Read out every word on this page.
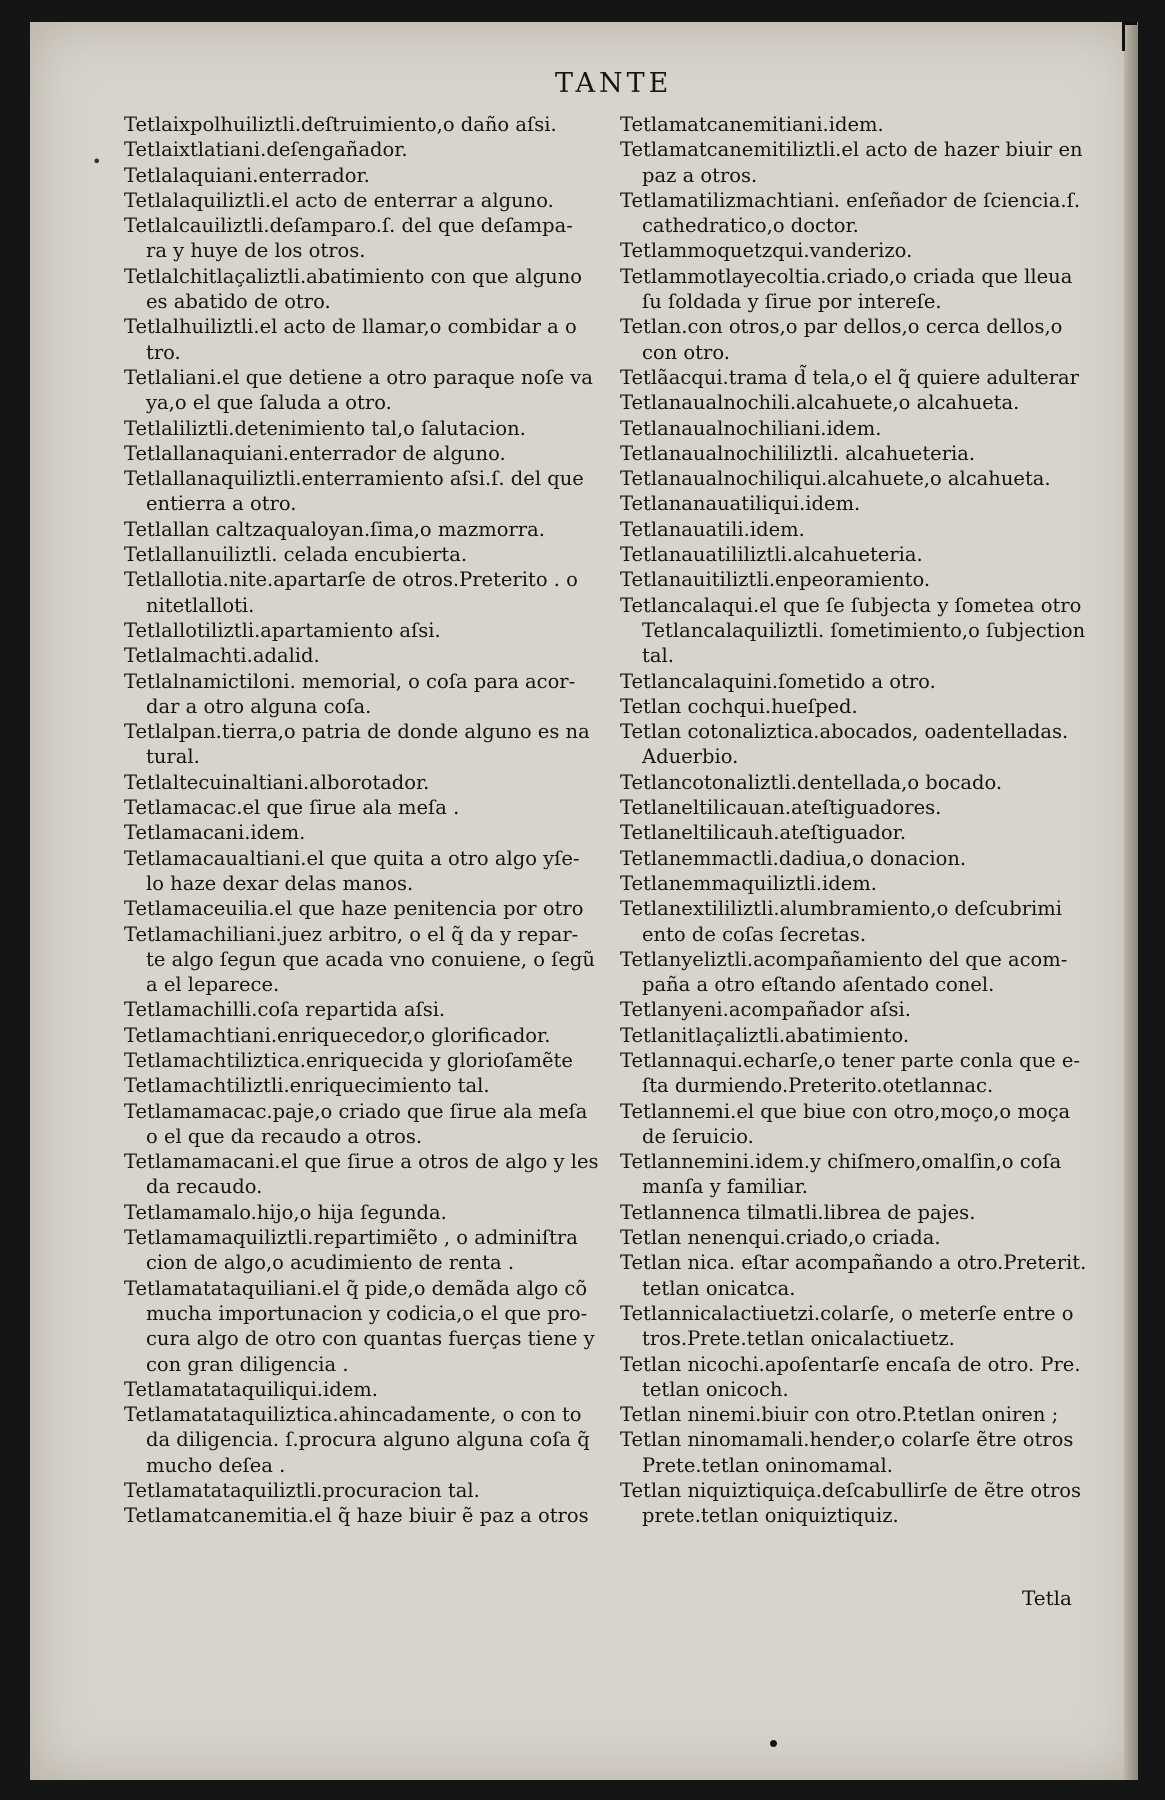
TANTE
•

Tetlaixpolhuiliztli.deſtruimiento,o daño aſsi.

Tetlaixtlatiani.deſengañador.

Tetlalaquiani.enterrador.

Tetlalaquiliztli.el acto de enterrar a alguno.

Tetlalcauiliztli.deſamparo.ſ. del que deſampa-

ra y huye de los otros.

Tetlalchitlaçaliztli.abatimiento con que alguno

es abatido de otro.

Tetlalhuiliztli.el acto de llamar,o combidar a o

tro.

Tetlaliani.el que detiene a otro paraque noſe va

ya,o el que ſaluda a otro.

Tetlaliliztli.detenimiento tal,o ſalutacion.

Tetlallanaquiani.enterrador de alguno.

Tetlallanaquiliztli.enterramiento aſsi.ſ. del que

entierra a otro.

Tetlallan caltzaqualoyan.ſima,o mazmorra.

Tetlallanuiliztli. celada encubierta.

Tetlallotia.nite.apartarſe de otros.Preterito . o

nitetlalloti.

Tetlallotiliztli.apartamiento aſsi.

Tetlalmachti.adalid.

Tetlalnamictiloni. memorial, o coſa para acor-

dar a otro alguna coſa.

Tetlalpan.tierra,o patria de donde alguno es na

tural.

Tetlaltecuinaltiani.alborotador.

Tetlamacac.el que ſirue ala meſa .

Tetlamacani.idem.

Tetlamacaualtiani.el que quita a otro algo yſe-

lo haze dexar delas manos.

Tetlamaceuilia.el que haze penitencia por otro

Tetlamachiliani.juez arbitro, o el q̃ da y repar-

te algo ſegun que acada vno conuiene, o ſegũ

a el leparece.

Tetlamachilli.coſa repartida aſsi.

Tetlamachtiani.enriquecedor,o glorificador.

Tetlamachtiliztica.enriquecida y glorioſamẽte

Tetlamachtiliztli.enriquecimiento tal.

Tetlamamacac.paje,o criado que ſirue ala meſa

o el que da recaudo a otros.

Tetlamamacani.el que ſirue a otros de algo y les

da recaudo.

Tetlamamalo.hijo,o hija ſegunda.

Tetlamamaquiliztli.repartimiẽto , o adminiſtra

cion de algo,o acudimiento de renta .

Tetlamatataquiliani.el q̃ pide,o demãda algo cõ

mucha importunacion y codicia,o el que pro-

cura algo de otro con quantas fuerças tiene y

con gran diligencia .

Tetlamatataquiliqui.idem.

Tetlamatataquiliztica.ahincadamente, o con to

da diligencia. ſ.procura alguno alguna coſa q̃

mucho deſea .

Tetlamatataquiliztli.procuracion tal.

Tetlamatcanemitia.el q̃ haze biuir ẽ paz a otros

Tetlamatcanemitiani.idem.

Tetlamatcanemitiliztli.el acto de hazer biuir en

paz a otros.

Tetlamatilizmachtiani. enſeñador de ſciencia.ſ.

cathedratico,o doctor.

Tetlammoquetzqui.vanderizo.

Tetlammotlayecoltia.criado,o criada que lleua

ſu ſoldada y ſirue por intereſe.

Tetlan.con otros,o par dellos,o cerca dellos,o

con otro.

Tetlãacqui.trama d̃ tela,o el q̃ quiere adulterar

Tetlanaualnochili.alcahuete,o alcahueta.

Tetlanaualnochiliani.idem.

Tetlanaualnochililiztli. alcahueteria.

Tetlanaualnochiliqui.alcahuete,o alcahueta.

Tetlananauatiliqui.idem.

Tetlanauatili.idem.

Tetlanauatililiztli.alcahueteria.

Tetlanauitiliztli.enpeoramiento.

Tetlancalaqui.el que ſe ſubjecta y ſometea otro

Tetlancalaquiliztli. ſometimiento,o ſubjection

tal.

Tetlancalaquini.ſometido a otro.

Tetlan cochqui.hueſped.

Tetlan cotonaliztica.abocados, oadentelladas.

Aduerbio.

Tetlancotonaliztli.dentellada,o bocado.

Tetlaneltilicauan.ateſtiguadores.

Tetlaneltilicauh.ateſtiguador.

Tetlanemmactli.dadiua,o donacion.

Tetlanemmaquiliztli.idem.

Tetlanextililiztli.alumbramiento,o deſcubrimi

ento de coſas ſecretas.

Tetlanyeliztli.acompañamiento del que acom-

paña a otro eſtando aſentado conel.

Tetlanyeni.acompañador aſsi.

Tetlanitlaçaliztli.abatimiento.

Tetlannaqui.echarſe,o tener parte conla que e-

ſta durmiendo.Preterito.otetlannac.

Tetlannemi.el que biue con otro,moço,o moça

de ſeruicio.

Tetlannemini.idem.y chiſmero,omalſin,o coſa

manſa y familiar.

Tetlannenca tilmatli.librea de pajes.

Tetlan nenenqui.criado,o criada.

Tetlan nica. eſtar acompañando a otro.Preterit.

tetlan onicatca.

Tetlannicalactiuetzi.colarſe, o meterſe entre o

tros.Prete.tetlan onicalactiuetz.

Tetlan nicochi.apoſentarſe encaſa de otro. Pre.

tetlan onicoch.

Tetlan ninemi.biuir con otro.P.tetlan oniren ;

Tetlan ninomamali.hender,o colarſe ẽtre otros

Prete.tetlan oninomamal.

Tetlan niquiztiquiça.deſcabullirſe de ẽtre otros

prete.tetlan oniquiztiquiz.

Tetla
